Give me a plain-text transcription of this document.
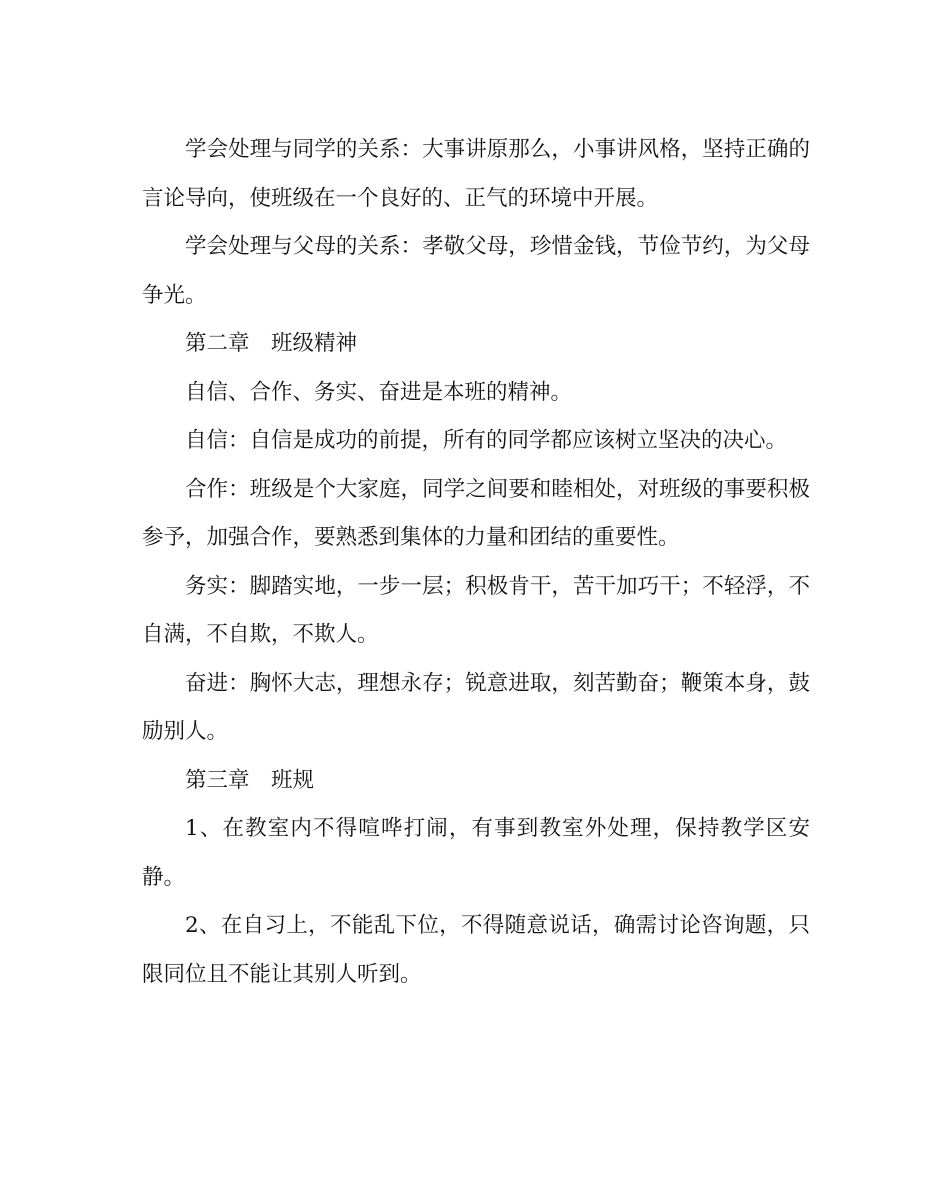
学会处理与同学的关系：大事讲原那么，小事讲风格，坚持正确的言论导向，使班级在一个良好的、正气的环境中开展。

学会处理与父母的关系：孝敬父母，珍惜金钱，节俭节约，为父母争光。

第二章　班级精神

自信、合作、务实、奋进是本班的精神。

自信：自信是成功的前提，所有的同学都应该树立坚决的决心。

合作：班级是个大家庭，同学之间要和睦相处，对班级的事要积极参予，加强合作，要熟悉到集体的力量和团结的重要性。

务实：脚踏实地，一步一层；积极肯干，苦干加巧干；不轻浮，不自满，不自欺，不欺人。

奋进：胸怀大志，理想永存；锐意进取，刻苦勤奋；鞭策本身，鼓励别人。

第三章　班规

1、在教室内不得喧哗打闹，有事到教室外处理，保持教学区安静。

2、在自习上，不能乱下位，不得随意说话，确需讨论咨询题，只限同位且不能让其别人听到。
